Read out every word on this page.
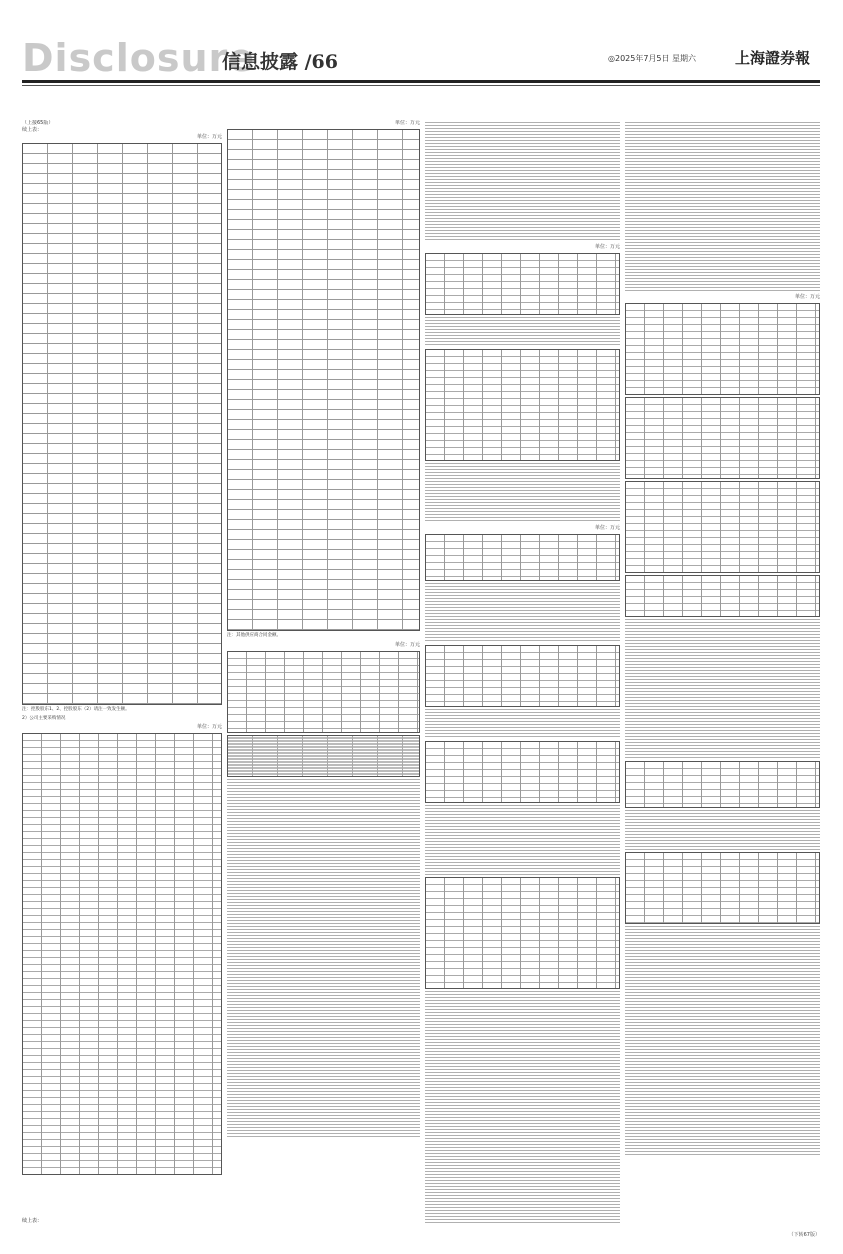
Disclosure
信息披露 /66	◎2025年7月5日 星期六	上海證券報
（上接65版）
续上表：
单位：万元
注：控股股东1、2、控股股东（2）请注一致发生额。
2）公司主要采购情况
单位：万元
续上表：
单位：万元
注：其他供应商合同金额。
单位：万元
单位：万元
单位：万元
单位：万元
（下转67版）
